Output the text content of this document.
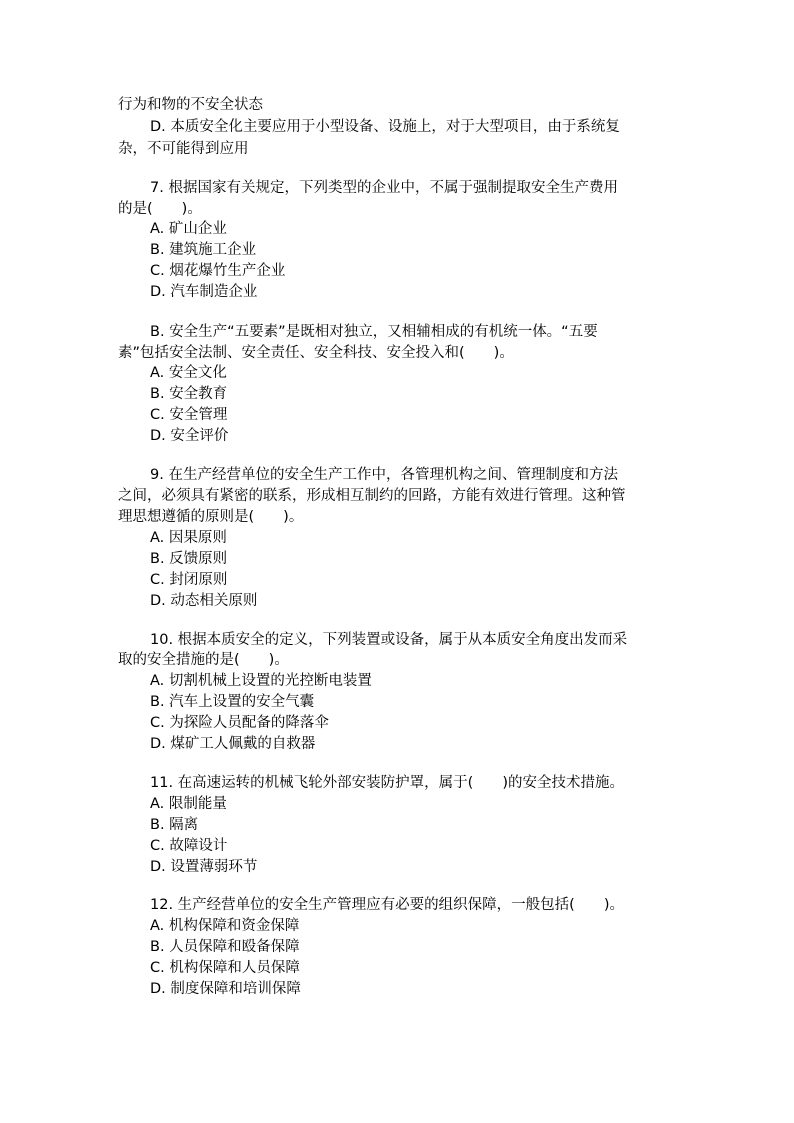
行为和物的不安全状态
D. 本质安全化主要应用于小型设备、设施上，对于大型项目，由于系统复
杂，不可能得到应用
7. 根据国家有关规定，下列类型的企业中，不属于强制提取安全生产费用
的是(　　)。
A. 矿山企业
B. 建筑施工企业
C. 烟花爆竹生产企业
D. 汽车制造企业
B. 安全生产“五要素”是既相对独立，又相辅相成的有机统一体。“五要
素”包括安全法制、安全责任、安全科技、安全投入和(　　)。
A. 安全文化
B. 安全教育
C. 安全管理
D. 安全评价
9. 在生产经营单位的安全生产工作中，各管理机构之间、管理制度和方法
之间，必须具有紧密的联系，形成相互制约的回路，方能有效进行管理。这种管
理思想遵循的原则是(　　)。
A. 因果原则
B. 反馈原则
C. 封闭原则
D. 动态相关原则
10. 根据本质安全的定义，下列装置或设备，属于从本质安全角度出发而采
取的安全措施的是(　　)。
A. 切割机械上设置的光控断电装置
B. 汽车上设置的安全气囊
C. 为探险人员配备的降落伞
D. 煤矿工人佩戴的自救器
11. 在高速运转的机械飞轮外部安装防护罩，属于(　　)的安全技术措施。
A. 限制能量
B. 隔离
C. 故障设计
D. 设置薄弱环节
12. 生产经营单位的安全生产管理应有必要的组织保障，一般包括(　　)。
A. 机构保障和资金保障
B. 人员保障和殴备保障
C. 机构保障和人员保障
D. 制度保障和培训保障
